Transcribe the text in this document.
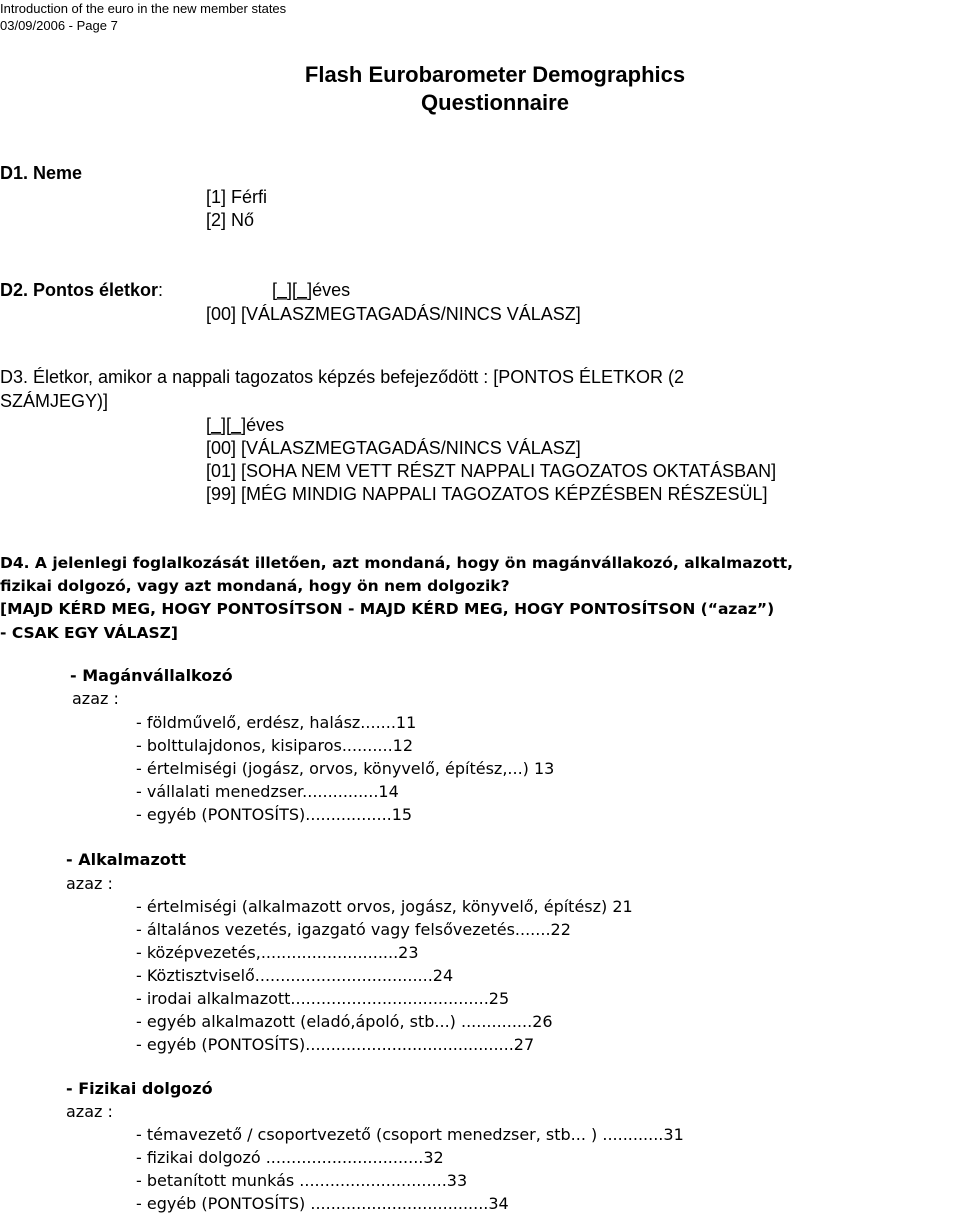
Introduction of the euro in the new member states
03/09/2006 - Page 7
Flash Eurobarometer Demographics
Questionnaire
D1. Neme
[1] Férfi
[2] Nő
D2. Pontos életkor:	[_][_]éves
[00] [VÁLASZMEGTAGADÁS/NINCS VÁLASZ]
D3. Életkor, amikor a nappali tagozatos képzés befejeződött : [PONTOS ÉLETKOR (2
SZÁMJEGY)]
[_][_]éves
[00] [VÁLASZMEGTAGADÁS/NINCS VÁLASZ]
[01] [SOHA NEM VETT RÉSZT NAPPALI TAGOZATOS OKTATÁSBAN]
[99] [MÉG MINDIG NAPPALI TAGOZATOS KÉPZÉSBEN RÉSZESÜL]
D4. A jelenlegi foglalkozását illetően, azt mondaná, hogy ön magánvállakozó, alkalmazott,
fizikai dolgozó, vagy azt mondaná, hogy ön nem dolgozik?
[MAJD KÉRD MEG, HOGY PONTOSÍTSON - MAJD KÉRD MEG, HOGY PONTOSÍTSON (“azaz”)
- CSAK EGY VÁLASZ]
- Magánvállalkozó
azaz :
- földművelő, erdész, halász.......11
- bolttulajdonos, kisiparos..........12
- értelmiségi (jogász, orvos, könyvelő, építész,...) 13
- vállalati menedzser...............14
- egyéb (PONTOSÍTS).................15
- Alkalmazott
azaz :
- értelmiségi (alkalmazott orvos, jogász, könyvelő, építész) 21
- általános vezetés, igazgató vagy felsővezetés.......22
- középvezetés,...........................23
- Köztisztviselő...................................24
- irodai alkalmazott.......................................25
- egyéb alkalmazott (eladó,ápoló, stb...) ..............26
- egyéb (PONTOSÍTS).........................................27
- Fizikai dolgozó
azaz :
- témavezető / csoportvezető (csoport menedzser, stb... ) ............31
- fizikai dolgozó ...............................32
- betanított munkás .............................33
- egyéb (PONTOSÍTS) ...................................34
